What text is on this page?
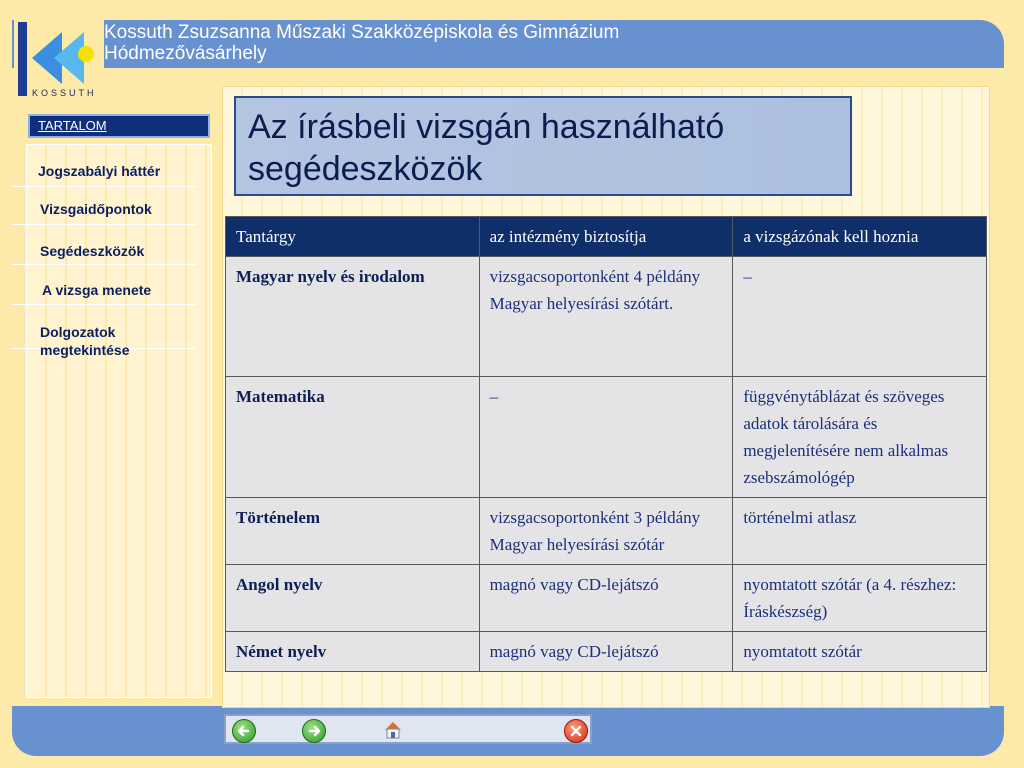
KOSSUTH
Kossuth Zsuzsanna Műszaki Szakközépiskola és Gimnázium
Hódmezővásárhely
TARTALOM
Jogszabályi háttér
Vizsgaidőpontok
Segédeszközök
A vizsga menete
Dolgozatok megtekintése
Az írásbeli vizsgán használható segédeszközök
Tantárgy	az intézmény biztosítja	a vizsgázónak kell hoznia
Magyar nyelv és irodalom	vizsgacsoportonként 4 példány Magyar helyesírási szótárt.	–
Matematika	–	függvénytáblázat és szöveges adatok tárolására és megjelenítésére nem alkalmas zsebszámológép
Történelem	vizsgacsoportonként 3 példány Magyar helyesírási szótár	történelmi atlasz
Angol nyelv	magnó vagy CD-lejátszó	nyomtatott szótár (a 4. részhez: Íráskészség)
Német nyelv	magnó vagy CD-lejátszó	nyomtatott szótár
